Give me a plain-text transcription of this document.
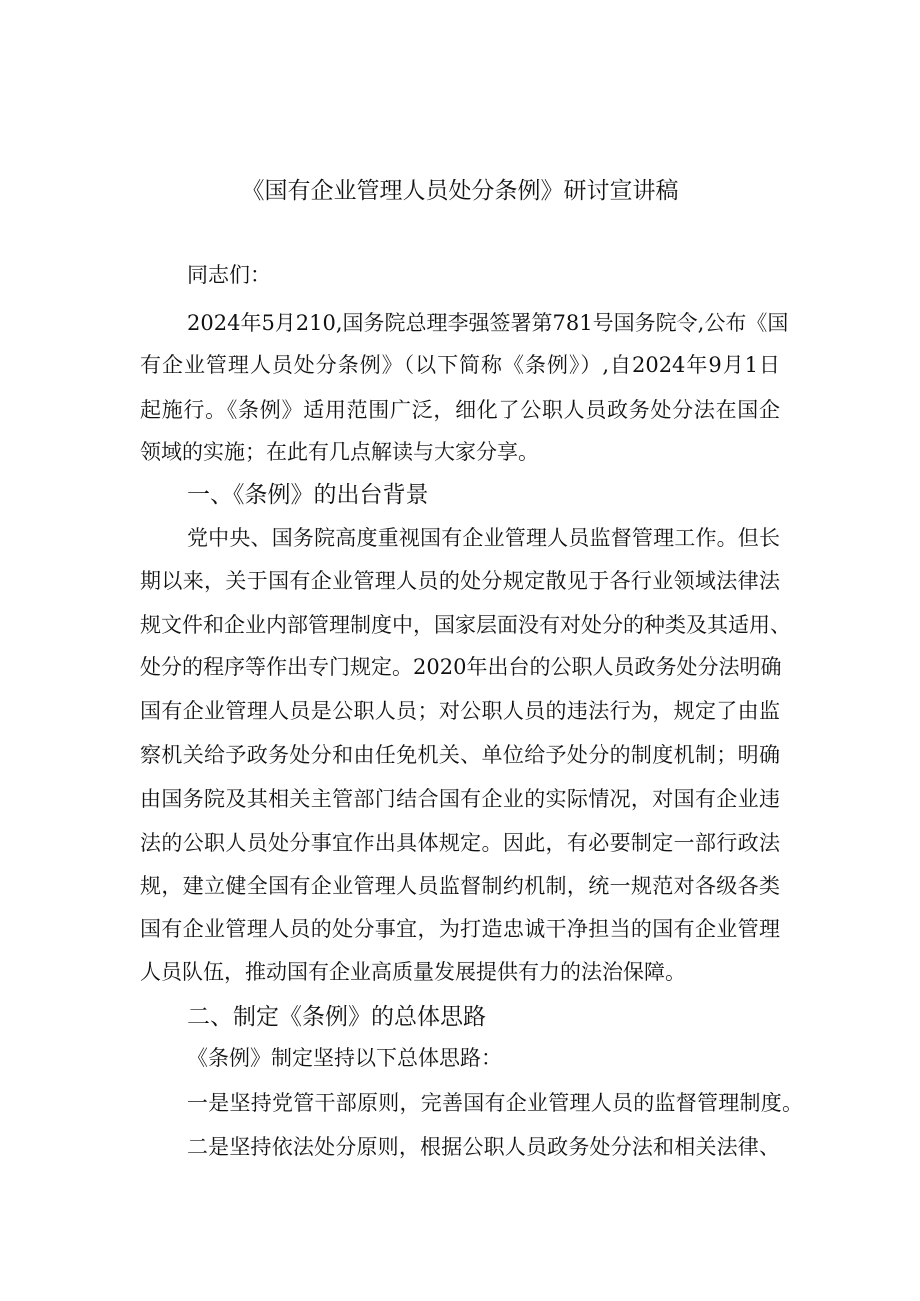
《国有企业管理人员处分条例》研讨宣讲稿
同志们：
2024年5月210,国务院总理李强签署第781号国务院令,公布《国
有企业管理人员处分条例》（以下简称《条例》）,自2024年9月1日
起施行。《条例》适用范围广泛，细化了公职人员政务处分法在国企
领域的实施；在此有几点解读与大家分享。
一、《条例》的出台背景
党中央、国务院高度重视国有企业管理人员监督管理工作。但长
期以来，关于国有企业管理人员的处分规定散见于各行业领域法律法
规文件和企业内部管理制度中，国家层面没有对处分的种类及其适用、
处分的程序等作出专门规定。2020年出台的公职人员政务处分法明确
国有企业管理人员是公职人员；对公职人员的违法行为，规定了由监
察机关给予政务处分和由任免机关、单位给予处分的制度机制；明确
由国务院及其相关主管部门结合国有企业的实际情况，对国有企业违
法的公职人员处分事宜作出具体规定。因此，有必要制定一部行政法
规，建立健全国有企业管理人员监督制约机制，统一规范对各级各类
国有企业管理人员的处分事宜，为打造忠诚干净担当的国有企业管理
人员队伍，推动国有企业高质量发展提供有力的法治保障。
二、制定《条例》的总体思路
《条例》制定坚持以下总体思路：
一是坚持党管干部原则，完善国有企业管理人员的监督管理制度。
二是坚持依法处分原则，根据公职人员政务处分法和相关法律、
